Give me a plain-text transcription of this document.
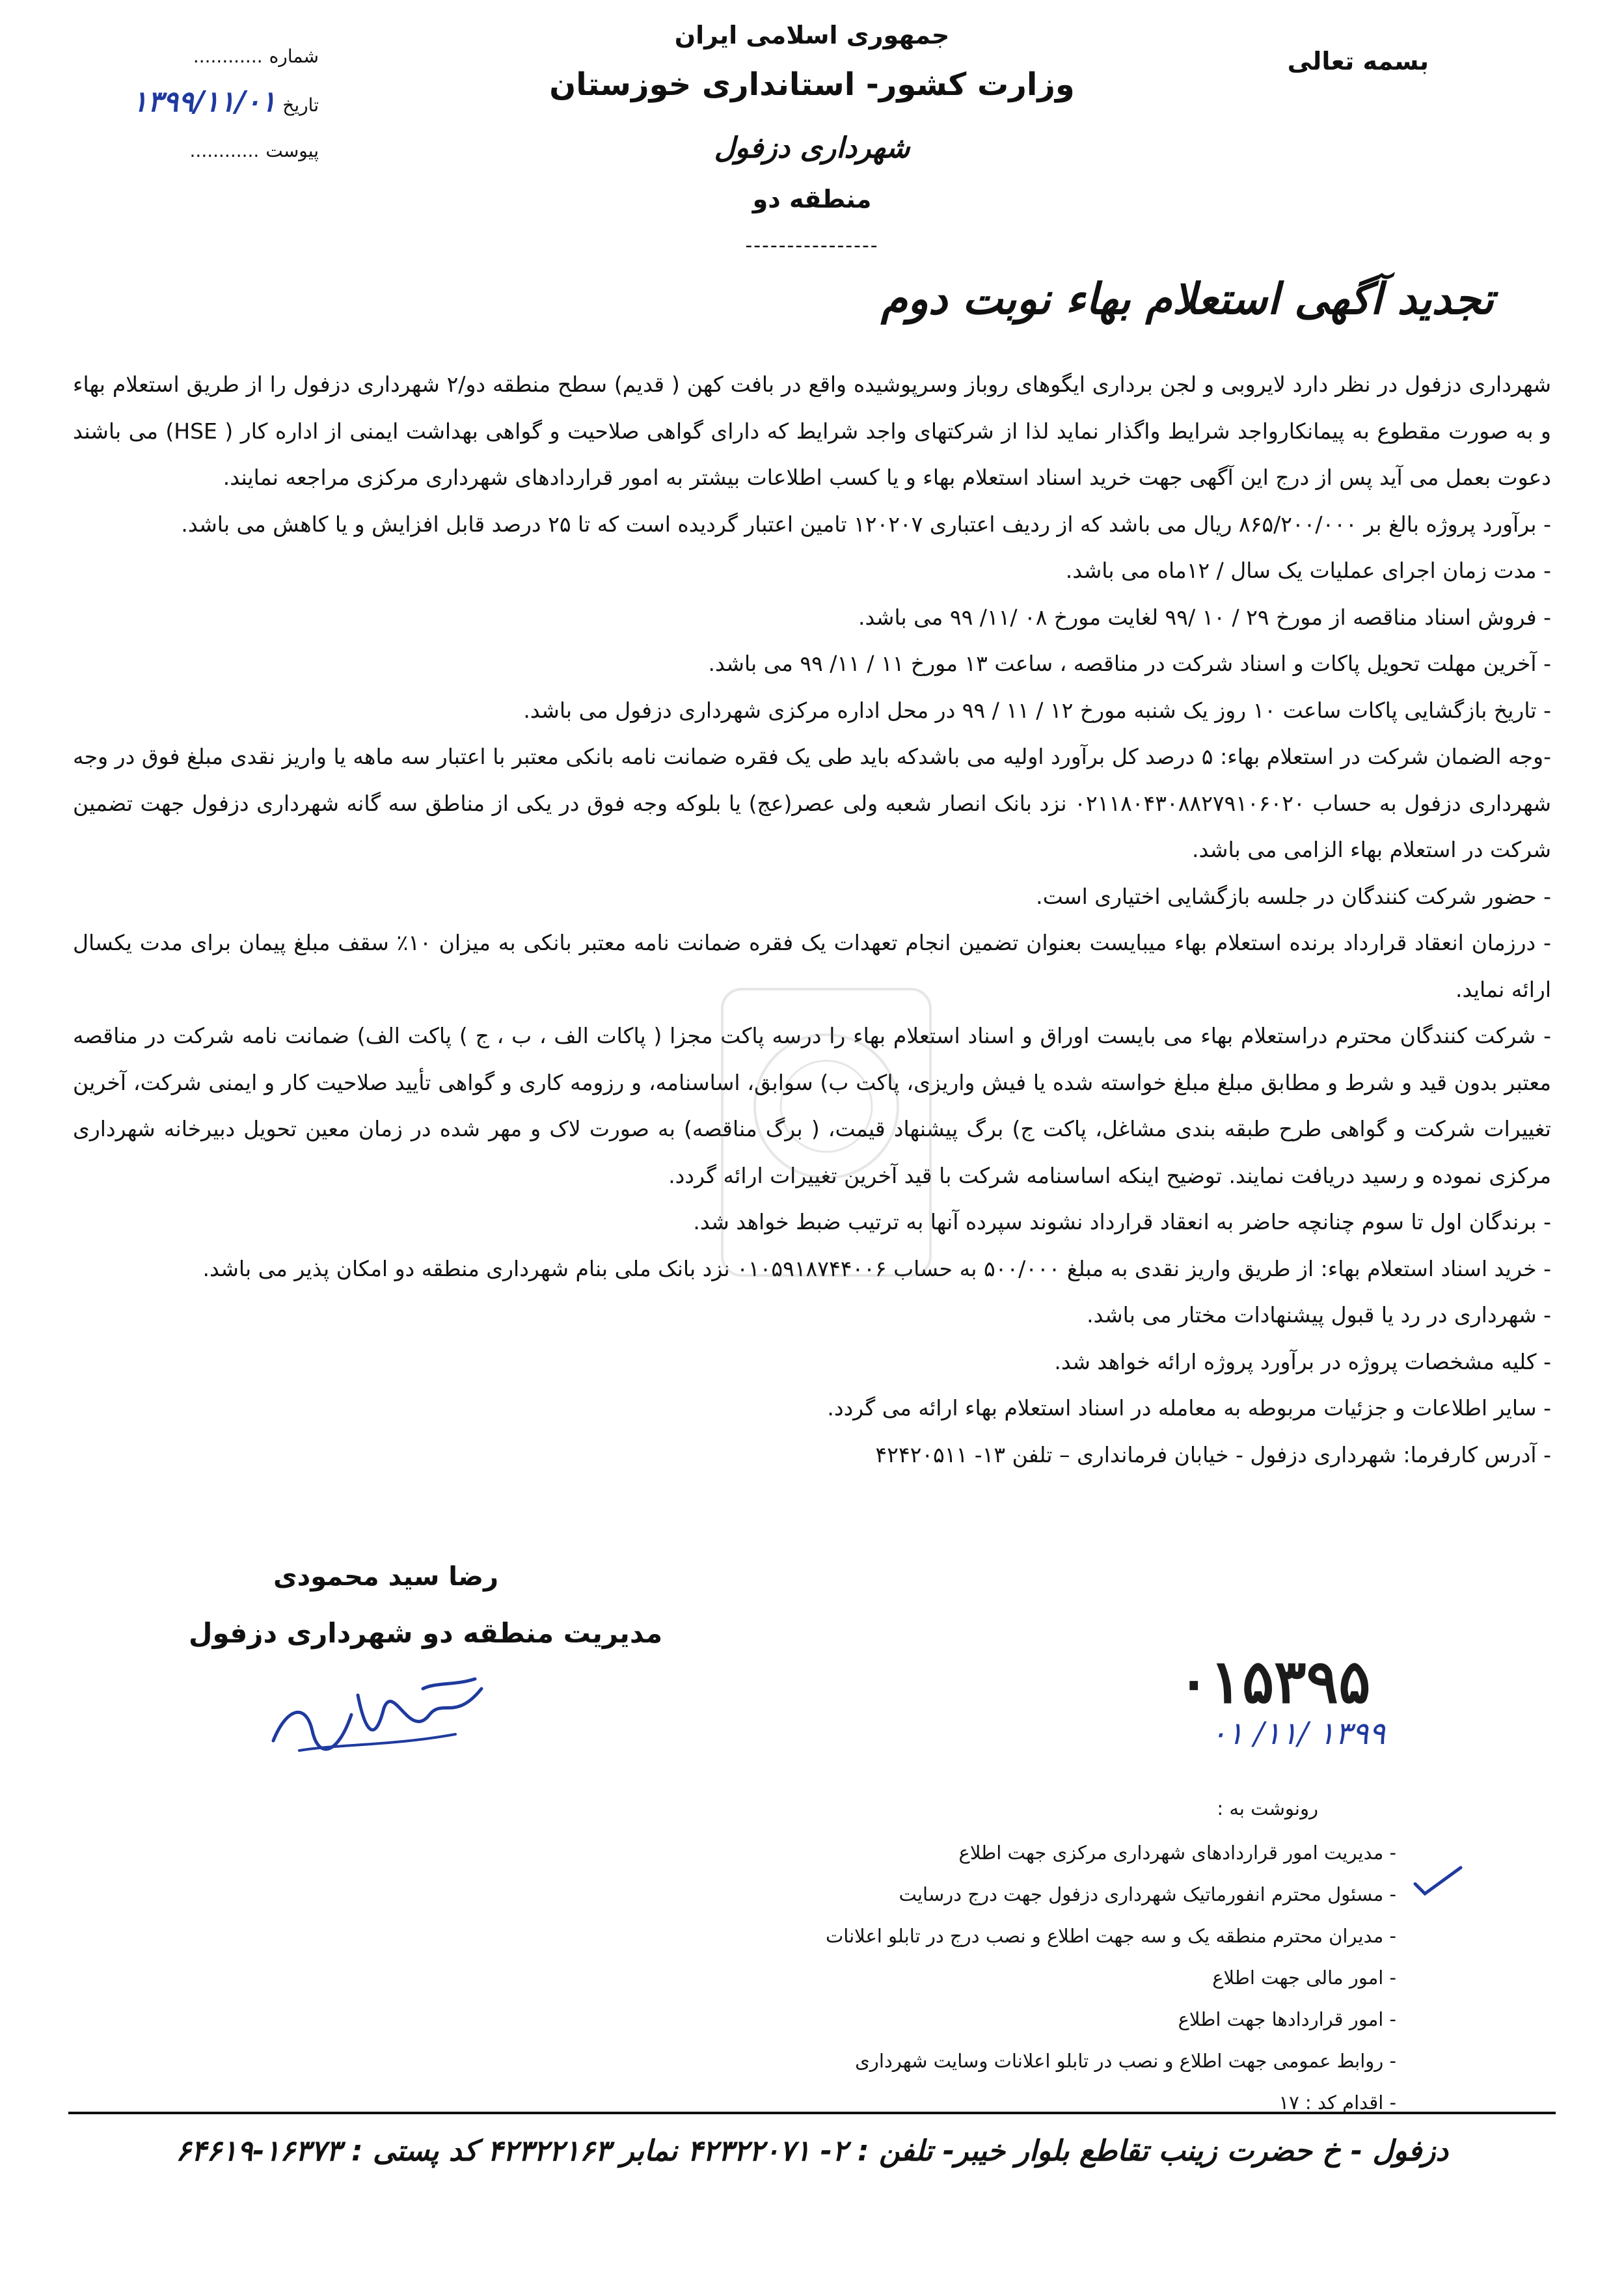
بسمه تعالی
جمهوری اسلامی ایران
وزارت کشور- استانداری خوزستان
شهرداری دزفول
منطقه دو
----------------
شماره
............
تاریخ
۱۳۹۹/۱۱/۰۱
پیوست
............
تجدید آگهی استعلام بهاء نوبت دوم

شهرداری دزفول در نظر دارد لایروبی و لجن برداری ایگوهای روباز وسرپوشیده واقع در بافت کهن ( قدیم) سطح منطقه دو/۲ شهرداری دزفول را از طریق استعلام بهاء و به صورت مقطوع به پیمانکارواجد شرایط واگذار نماید لذا از شرکتهای واجد شرایط که دارای گواهی صلاحیت و گواهی بهداشت ایمنی از اداره کار ( HSE) می باشند دعوت بعمل می آید پس از درج این آگهی جهت خرید اسناد استعلام بهاء و یا کسب اطلاعات بیشتر به امور قراردادهای شهرداری مرکزی مراجعه نمایند.

- برآورد پروژه بالغ بر ۸۶۵/۲۰۰/۰۰۰ ریال می باشد که از ردیف اعتباری ۱۲۰۲۰۷ تامین اعتبار گردیده است که تا ۲۵ درصد قابل افزایش و یا کاهش می باشد.

- مدت زمان اجرای عملیات یک سال / ۱۲ماه می باشد.

- فروش اسناد مناقصه از مورخ ۲۹ / ۱۰ /۹۹ لغایت مورخ ۰۸ /۱۱/ ۹۹ می باشد.

- آخرین مهلت تحویل پاکات و اسناد شرکت در مناقصه ، ساعت ۱۳ مورخ ۱۱ / ۱۱/ ۹۹ می باشد.

- تاریخ بازگشایی پاکات ساعت ۱۰ روز یک شنبه مورخ ۱۲ / ۱۱ / ۹۹ در محل اداره مرکزی شهرداری دزفول می باشد.

-وجه الضمان شرکت در استعلام بهاء: ۵ درصد کل برآورد اولیه می باشدکه باید طی یک فقره ضمانت نامه بانکی معتبر با اعتبار سه ماهه یا واریز نقدی مبلغ فوق در وجه شهرداری دزفول به حساب ۰۲۱۱۸۰۴۳۰۸۸۲۷۹۱۰۶۰۲۰ نزد بانک انصار شعبه ولی عصر(عج) یا بلوکه وجه فوق در یکی از مناطق سه گانه شهرداری دزفول جهت تضمین شرکت در استعلام بهاء الزامی می باشد.

- حضور شرکت کنندگان در جلسه بازگشایی اختیاری است.

- درزمان انعقاد قرارداد برنده استعلام بهاء میبایست بعنوان تضمین انجام تعهدات یک فقره ضمانت نامه معتبر بانکی به میزان ۱۰٪ سقف مبلغ پیمان برای مدت یکسال ارائه نماید.

- شرکت کنندگان محترم دراستعلام بهاء می بایست اوراق و اسناد استعلام بهاء را درسه پاکت مجزا ( پاکات الف ، ب ، ج ) پاکت الف) ضمانت نامه شرکت در مناقصه معتبر بدون قید و شرط و مطابق مبلغ مبلغ خواسته شده یا فیش واریزی، پاکت ب) سوابق، اساسنامه، و رزومه کاری و گواهی تأیید صلاحیت کار و ایمنی شرکت، آخرین تغییرات شرکت و گواهی طرح طبقه بندی مشاغل، پاکت ج) برگ پیشنهاد قیمت، ( برگ مناقصه) به صورت لاک و مهر شده در زمان معین تحویل دبیرخانه شهرداری مرکزی نموده و رسید دریافت نمایند. توضیح اینکه اساسنامه شرکت با قید آخرین تغییرات ارائه گردد.

- برندگان اول تا سوم چنانچه حاضر به انعقاد قرارداد نشوند سپرده آنها به ترتیب ضبط خواهد شد.

- خرید اسناد استعلام بهاء: از طریق واریز نقدی به مبلغ ۵۰۰/۰۰۰ به حساب ۰۱۰۵۹۱۸۷۴۴۰۰۶ نزد بانک ملی بنام شهرداری منطقه دو امکان پذیر می باشد.

- شهرداری در رد یا قبول پیشنهادات مختار می باشد.

- کلیه مشخصات پروژه در برآورد پروژه ارائه خواهد شد.

- سایر اطلاعات و جزئیات مربوطه به معامله در اسناد استعلام بهاء ارائه می گردد.

- آدرس کارفرما: شهرداری دزفول - خیابان فرمانداری – تلفن ۱۳- ۴۲۴۲۰۵۱۱

رضا سید محمودی
مدیریت منطقه دو شهرداری دزفول
۰۱۵۳۹۵
۱۳۹۹ /۱۱/ ۰۱
رونوشت به :
- مدیریت امور قراردادهای شهرداری مرکزی جهت اطلاع
- مسئول محترم انفورماتیک شهرداری دزفول جهت درج درسایت
- مدیران محترم منطقه یک و سه جهت اطلاع و نصب درج در تابلو اعلانات
- امور مالی جهت اطلاع
- امور قراردادها جهت اطلاع
- روابط عمومی جهت اطلاع و نصب در تابلو اعلانات وسایت شهرداری
- اقدام کد : ۱۷
دزفول - خ حضرت زینب تقاطع بلوار خیبر- تلفن : ۲- ۴۲۳۲۲۰۷۱ نمابر ۴۲۳۲۲۱۶۳ کد پستی : ۱۶۳۷۳-۶۴۶۱۹
